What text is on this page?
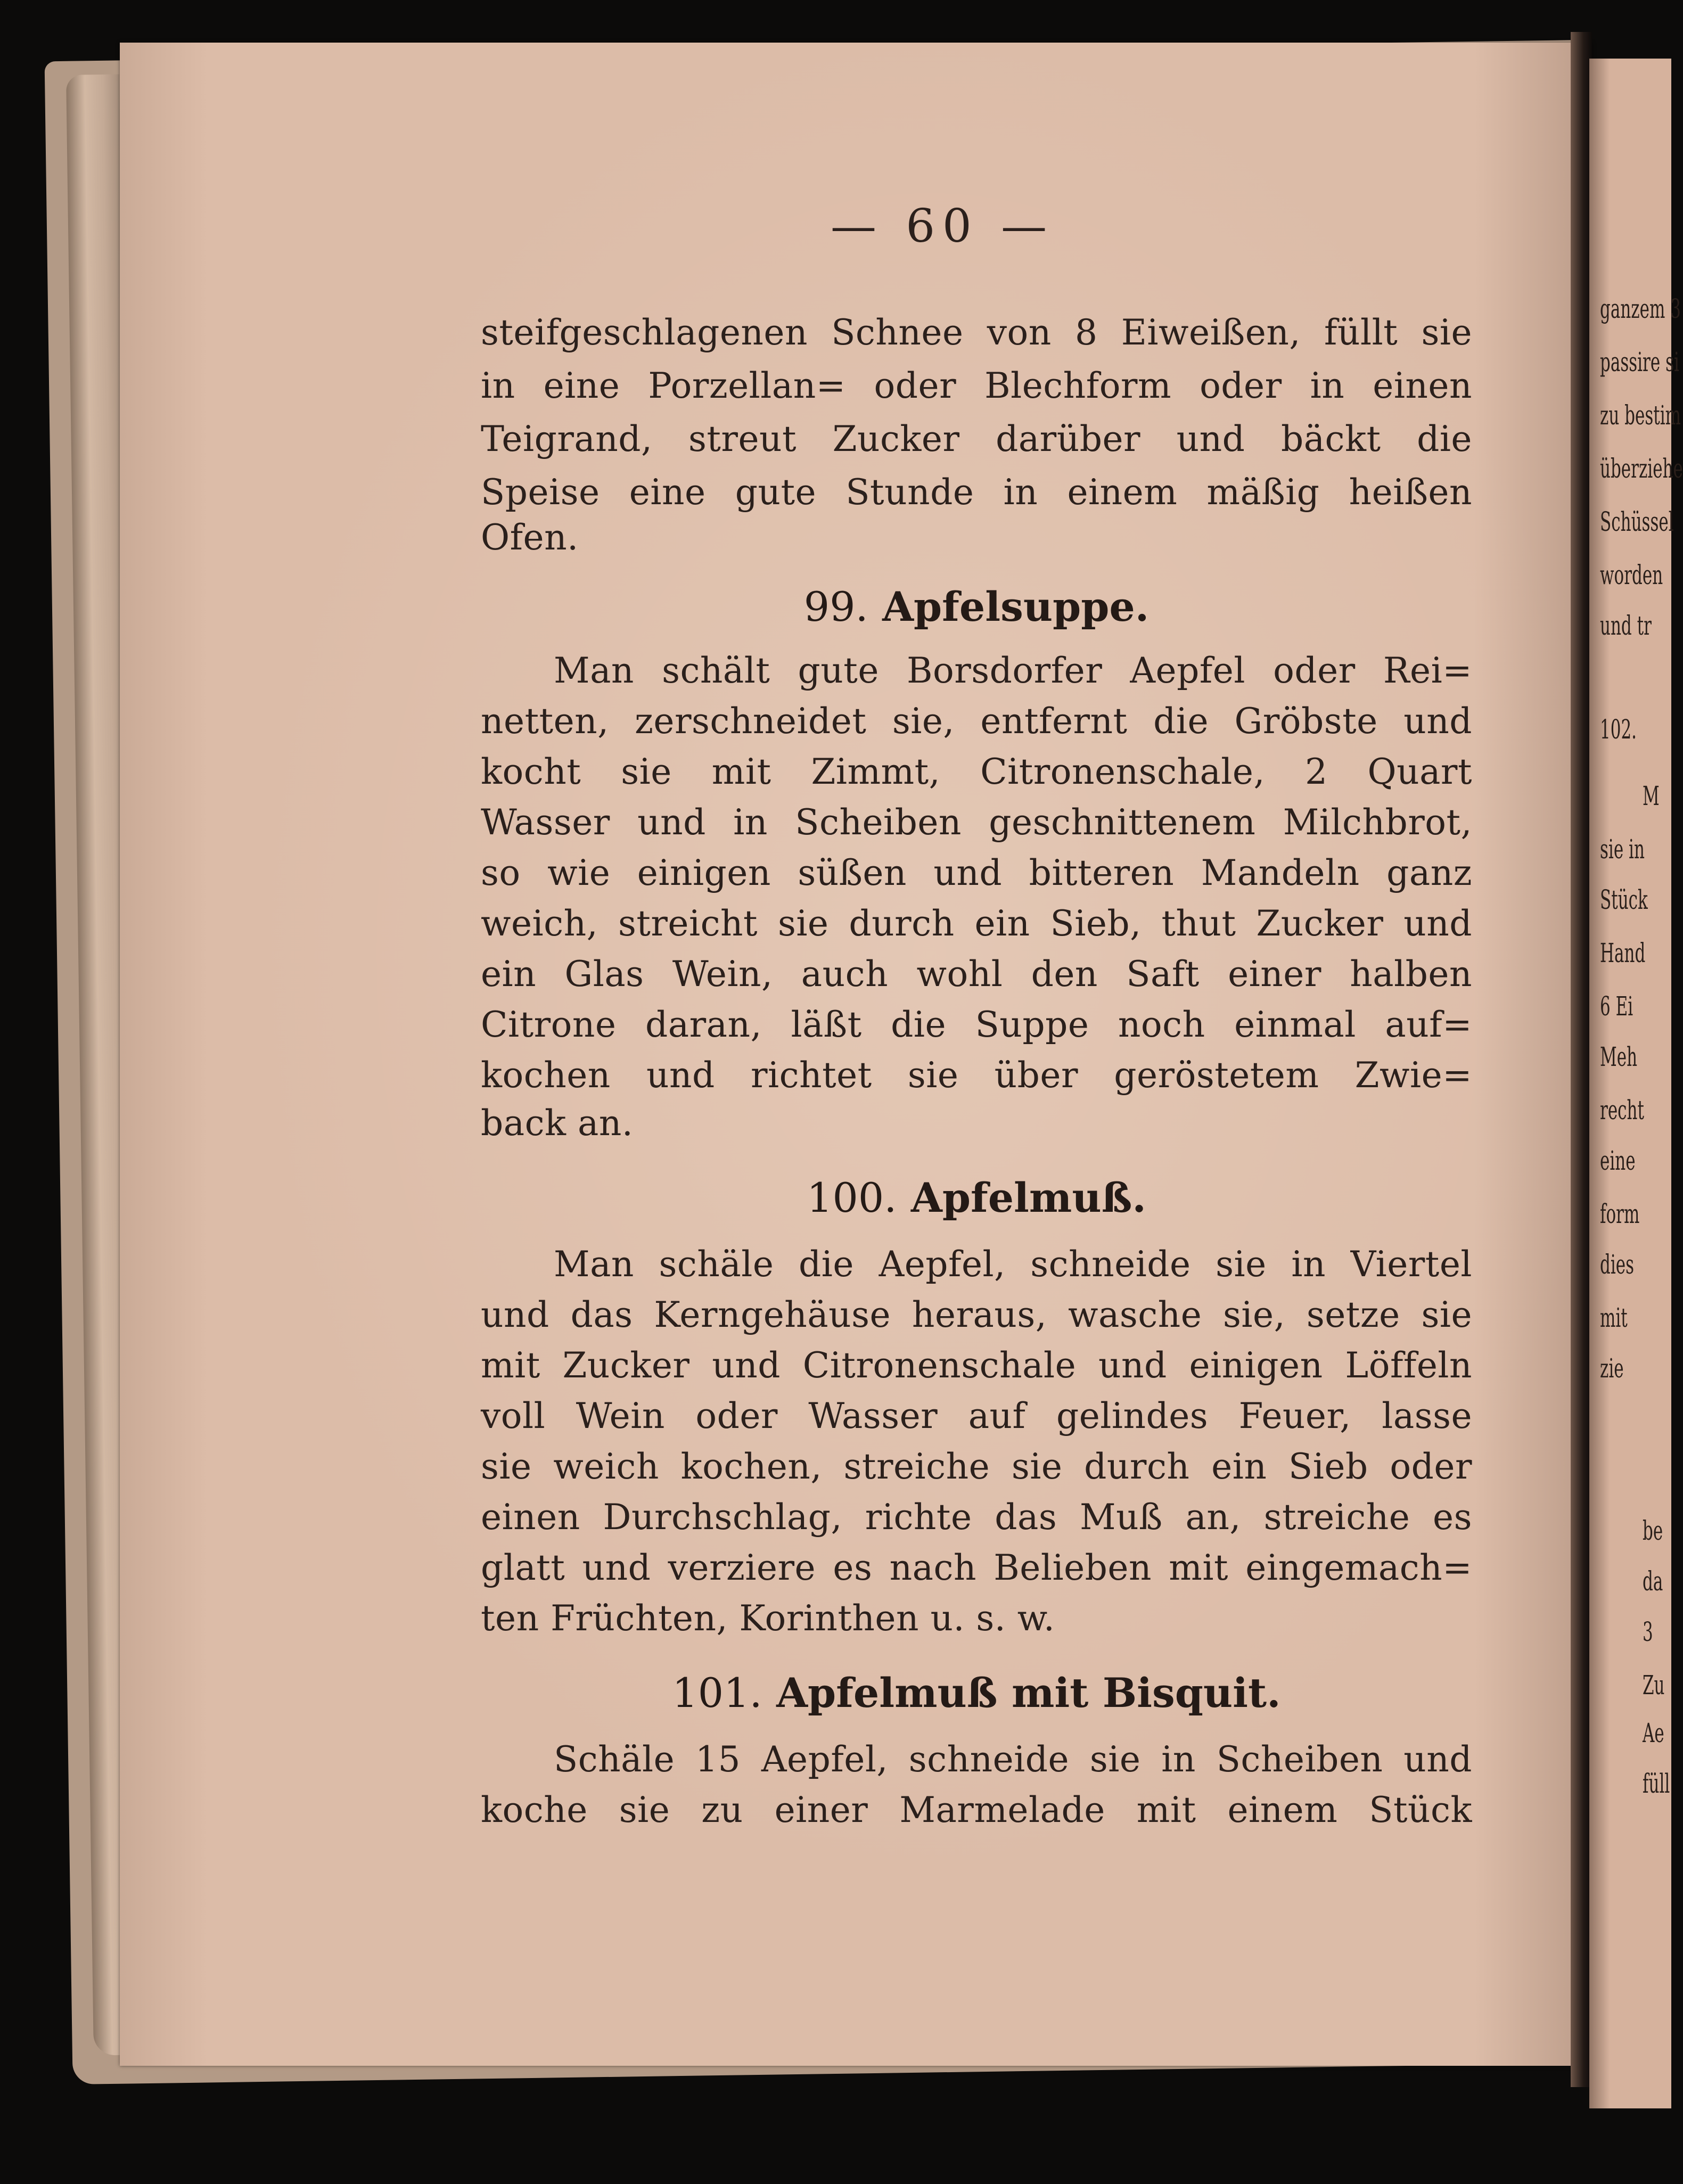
ganzem 3
passire si
zu bestim
überziehe
Schüssel
worden
und tr
102.
M
sie in
Stück
Hand
6 Ei
Meh
recht
eine
form
dies
mit
zie
be
da
3
Zu
Ae
füll
— 60 —
steifgeschlagenen Schnee von 8 Eiweißen, füllt sie
in eine Porzellan= oder Blechform oder in einen
Teigrand, streut Zucker darüber und bäckt die
Speise eine gute Stunde in einem mäßig heißen
Ofen.
99. Apfelsuppe.
Man schält gute Borsdorfer Aepfel oder Rei=
netten, zerschneidet sie, entfernt die Gröbste und
kocht sie mit Zimmt, Citronenschale, 2 Quart
Wasser und in Scheiben geschnittenem Milchbrot,
so wie einigen süßen und bitteren Mandeln ganz
weich, streicht sie durch ein Sieb, thut Zucker und
ein Glas Wein, auch wohl den Saft einer halben
Citrone daran, läßt die Suppe noch einmal auf=
kochen und richtet sie über geröstetem Zwie=
back an.
100. Apfelmuß.
Man schäle die Aepfel, schneide sie in Viertel
und das Kerngehäuse heraus, wasche sie, setze sie
mit Zucker und Citronenschale und einigen Löffeln
voll Wein oder Wasser auf gelindes Feuer, lasse
sie weich kochen, streiche sie durch ein Sieb oder
einen Durchschlag, richte das Muß an, streiche es
glatt und verziere es nach Belieben mit eingemach=
ten Früchten, Korinthen u. s. w.
101. Apfelmuß mit Bisquit.
Schäle 15 Aepfel, schneide sie in Scheiben und
koche sie zu einer Marmelade mit einem Stück
